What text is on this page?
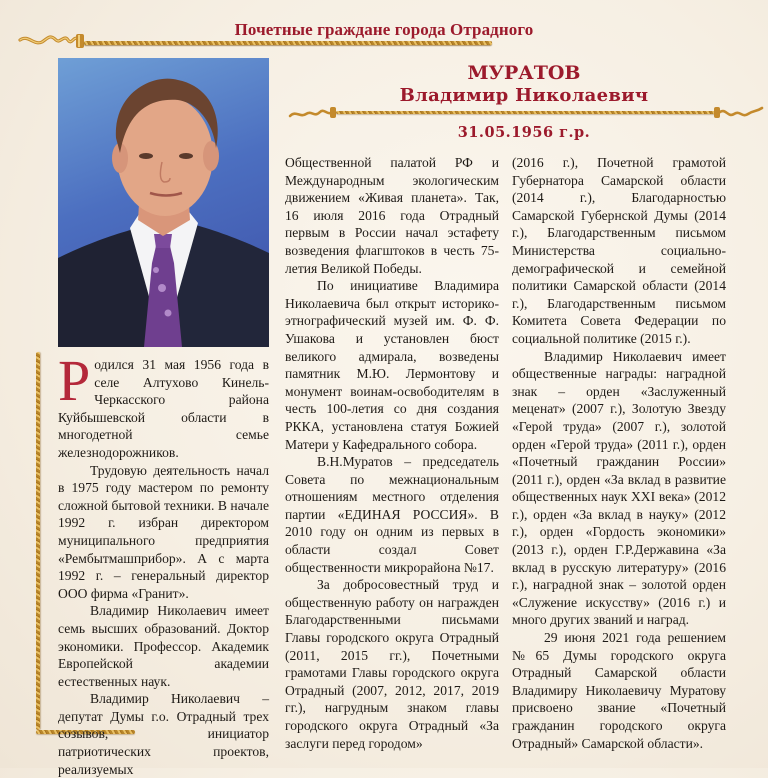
Почетные граждане города Отрадного
МУРАТОВ
Владимир Николаевич
31.05.1956 г.р.

Родился 31 мая 1956 года в селе Алтухово Кинель-Черкасского района Куйбышевской области в многодетной семье железнодорожников.

Трудовую деятельность начал в 1975 году мастером по ремонту сложной бытовой техники. В начале 1992 г. избран директором муниципального предприятия «Рембытмашприбор». А с марта 1992 г. – генеральный директор ООО фирма «Гранит».

Владимир Николаевич имеет семь высших образований. Доктор экономики. Профессор. Академик Европейской академии естественных наук.

Владимир Николаевич – депутат Думы г.о. Отрадный трех созывов, инициатор патриотических проектов, реализуемых

Общественной палатой РФ и Международным экологическим движением «Живая планета». Так, 16 июля 2016 года Отрадный первым в России начал эстафету возведения флагштоков в честь 75-летия Великой Победы.

По инициативе Владимира Николаевича был открыт историко-этнографический музей им. Ф. Ф. Ушакова и установлен бюст великого адмирала, возведены памятник М.Ю. Лермонтову и монумент воинам-освободителям в честь 100-летия со дня создания РККА, установлена статуя Божией Матери у Кафедрального собора.

В.Н.Муратов – председатель Совета по межнациональным отношениям местного отделения партии «ЕДИНАЯ РОССИЯ». В 2010 году он одним из первых в области создал Совет общественности микрорайона №17.

За добросовестный труд и общественную работу он награжден Благодарственными письмами Главы городского округа Отрадный (2011, 2015 гг.), Почетными грамотами Главы городского округа Отрадный (2007, 2012, 2017, 2019 гг.), нагрудным знаком главы городского округа Отрадный «За заслуги перед городом»

(2016 г.), Почетной грамотой Губернатора Самарской области (2014 г.), Благодарностью Самарской Губернской Думы (2014 г.), Благодарственным письмом Министерства социально-демографической и семейной политики Самарской области (2014 г.), Благодарственным письмом Комитета Совета Федерации по социальной политике (2015 г.).

Владимир Николаевич имеет общественные награды: наградной знак – орден «Заслуженный меценат» (2007 г.), Золотую Звезду «Герой труда» (2007 г.), золотой орден «Герой труда» (2011 г.), орден «Почетный гражданин России» (2011 г.), орден «За вклад в развитие общественных наук XXI века» (2012 г.), орден «За вклад в науку» (2012 г.), орден «Гордость экономики» (2013 г.), орден Г.Р.Державина «За вклад в русскую литературу» (2016 г.), наградной знак – золотой орден «Служение искусству» (2016 г.) и много других званий и наград.

29 июня 2021 года решением №65 Думы городского округа Отрадный Самарской области Владимиру Николаевичу Муратову присвоено звание «Почетный гражданин городского округа Отрадный» Самарской области».
